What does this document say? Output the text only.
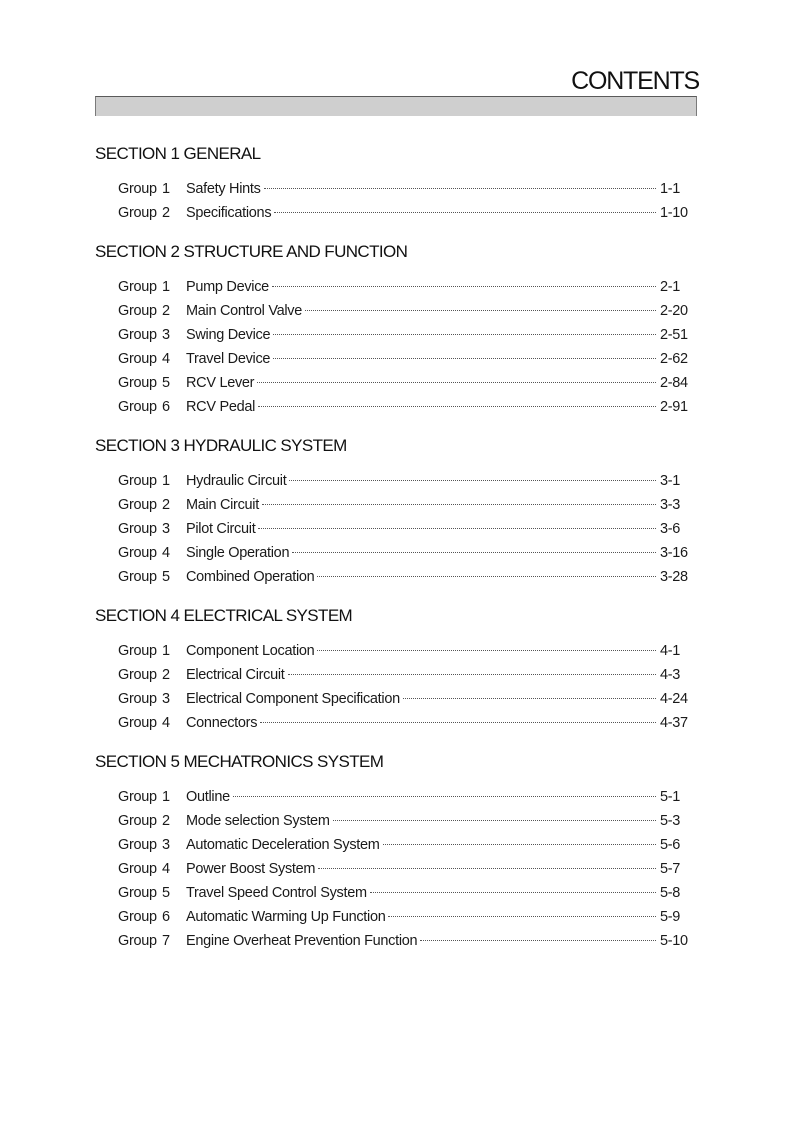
CONTENTS
SECTION 1 GENERAL
Group 1	Safety Hints	1-1
Group 2	Specifications	1-10
SECTION 2 STRUCTURE AND FUNCTION
Group 1	Pump Device	2-1
Group 2	Main Control Valve	2-20
Group 3	Swing Device	2-51
Group 4	Travel Device	2-62
Group 5	RCV Lever	2-84
Group 6	RCV Pedal	2-91
SECTION 3 HYDRAULIC SYSTEM
Group 1	Hydraulic Circuit	3-1
Group 2	Main Circuit	3-3
Group 3	Pilot Circuit	3-6
Group 4	Single Operation	3-16
Group 5	Combined Operation	3-28
SECTION 4 ELECTRICAL SYSTEM
Group 1	Component Location	4-1
Group 2	Electrical Circuit	4-3
Group 3	Electrical Component Specification	4-24
Group 4	Connectors	4-37
SECTION 5 MECHATRONICS SYSTEM
Group 1	Outline	5-1
Group 2	Mode selection System	5-3
Group 3	Automatic Deceleration System	5-6
Group 4	Power Boost System	5-7
Group 5	Travel Speed Control System	5-8
Group 6	Automatic Warming Up Function	5-9
Group 7	Engine Overheat Prevention Function	5-10
